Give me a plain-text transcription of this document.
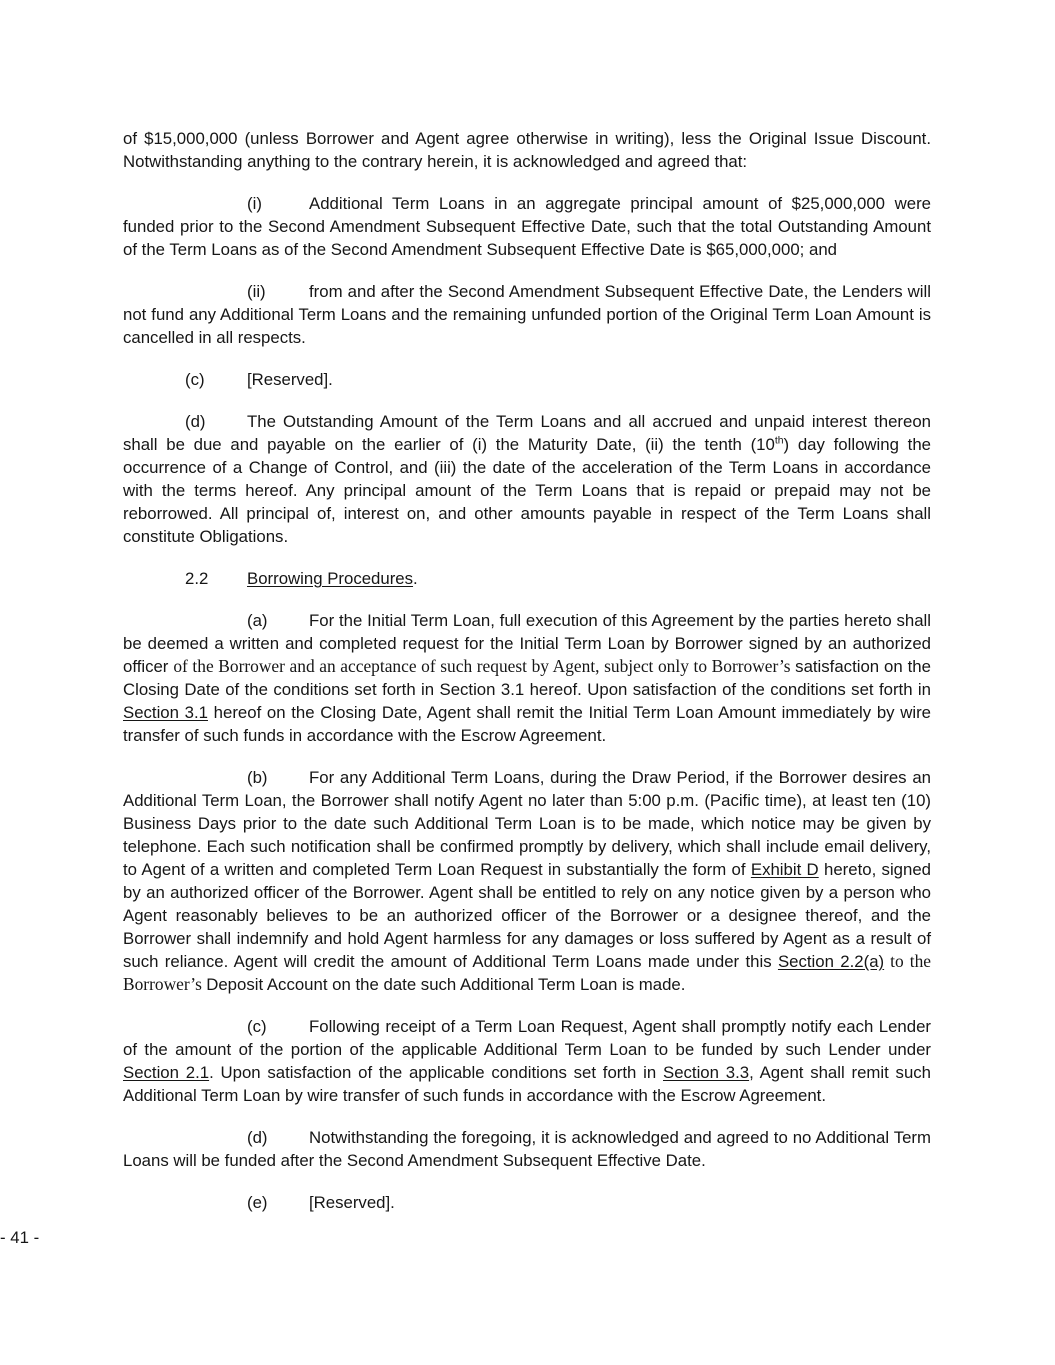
of $15,000,000 (unless Borrower and Agent agree otherwise in writing), less the Original Issue Discount. Notwithstanding anything to the contrary herein, it is acknowledged and agreed that:

(i)	Additional Term Loans in an aggregate principal amount of $25,000,000 were funded prior to the Second Amendment Subsequent Effective Date, such that the total Outstanding Amount of the Term Loans as of the Second Amendment Subsequent Effective Date is $65,000,000; and

(ii)	from and after the Second Amendment Subsequent Effective Date, the Lenders will not fund any Additional Term Loans and the remaining unfunded portion of the Original Term Loan Amount is cancelled in all respects.

(c)	[Reserved].

(d) The Outstanding Amount of the Term Loans and all accrued and unpaid interest thereon shall be due and payable on the earlier of (i) the Maturity Date, (ii) the tenth (10th) day following the occurrence of a Change of Control, and (iii) the date of the acceleration of the Term Loans in accordance with the terms hereof. Any principal amount of the Term Loans that is repaid or prepaid may not be reborrowed. All principal of, interest on, and other amounts payable in respect of the Term Loans shall constitute Obligations.

2.2 Borrowing Procedures.

(a) For the Initial Term Loan, full execution of this Agreement by the parties hereto shall be deemed a written and completed request for the Initial Term Loan by Borrower signed by an authorized officer of the Borrower and an acceptance of such request by Agent, subject only to Borrower’s satisfaction on the Closing Date of the conditions set forth in Section 3.1 hereof. Upon satisfaction of the conditions set forth in Section 3.1 hereof on the Closing Date, Agent shall remit the Initial Term Loan Amount immediately by wire transfer of such funds in accordance with the Escrow Agreement.

(b) For any Additional Term Loans, during the Draw Period, if the Borrower desires an Additional Term Loan, the Borrower shall notify Agent no later than 5:00 p.m. (Pacific time), at least ten (10) Business Days prior to the date such Additional Term Loan is to be made, which notice may be given by telephone. Each such notification shall be confirmed promptly by delivery, which shall include email delivery, to Agent of a written and completed Term Loan Request in substantially the form of Exhibit D hereto, signed by an authorized officer of the Borrower. Agent shall be entitled to rely on any notice given by a person who Agent reasonably believes to be an authorized officer of the Borrower or a designee thereof, and the Borrower shall indemnify and hold Agent harmless for any damages or loss suffered by Agent as a result of such reliance. Agent will credit the amount of Additional Term Loans made under this Section 2.2(a) to the Borrower’s Deposit Account on the date such Additional Term Loan is made.

(c)	Following receipt of a Term Loan Request, Agent shall promptly notify each Lender of the amount of the portion of the applicable Additional Term Loan to be funded by such Lender under Section 2.1. Upon satisfaction of the applicable conditions set forth in Section 3.3, Agent shall remit such Additional Term Loan by wire transfer of such funds in accordance with the Escrow Agreement.

(d) Notwithstanding the foregoing, it is acknowledged and agreed to no Additional Term Loans will be funded after the Second Amendment Subsequent Effective Date.

(e) [Reserved].

- 41 -
